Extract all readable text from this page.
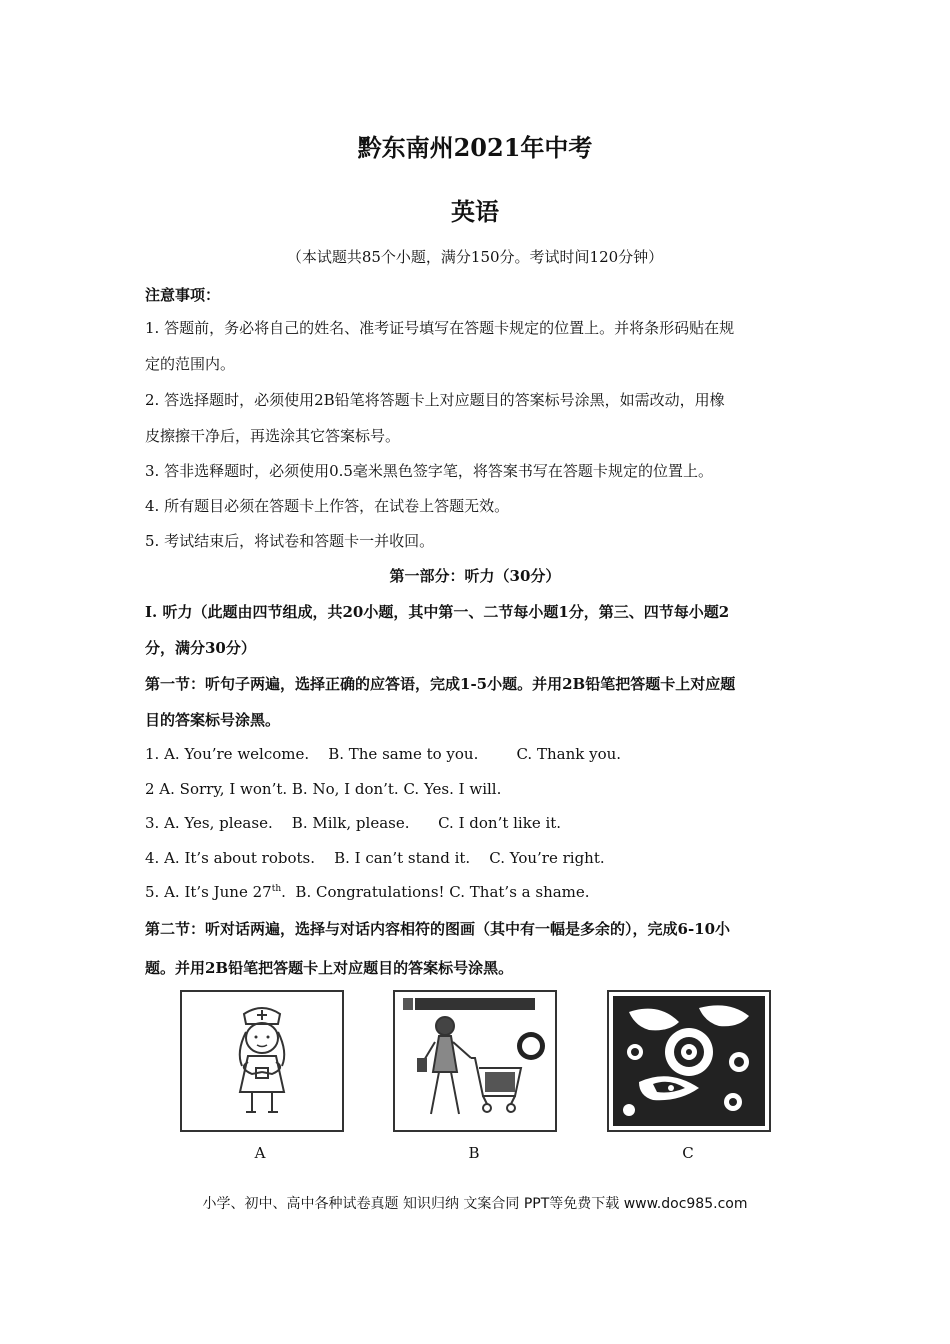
黔东南州2021年中考
英语
（本试题共85个小题，满分150分。考试时间120分钟）
注意事项：
1. 答题前，务必将自己的姓名、准考证号填写在答题卡规定的位置上。并将条形码贴在规
定的范围内。
2. 答选择题时，必须使用2B铅笔将答题卡上对应题目的答案标号涂黑，如需改动，用橡
皮擦擦干净后，再选涂其它答案标号。
3. 答非选释题时，必须使用0.5毫米黑色签字笔，将答案书写在答题卡规定的位置上。
4. 所有题目必须在答题卡上作答，在试卷上答题无效。
5. 考试结束后，将试卷和答题卡一并收回。
第一部分：听力（30分）
I. 听力（此题由四节组成，共20小题，其中第一、二节每小题1分，第三、四节每小题2
分，满分30分）
第一节：听句子两遍，选择正确的应答语，完成1-5小题。并用2B铅笔把答题卡上对应题
目的答案标号涂黑。
1. A. You’re welcome.    B. The same to you.        C. Thank you.
2 A. Sorry, I won’t. B. No, I don’t. C. Yes. I will.
3. A. Yes, please.    B. Milk, please.      C. I don’t like it.
4. A. It’s about robots.    B. I can’t stand it.    C. You’re right.
5. A. It’s June 27th.  B. Congratulations! C. That’s a shame.
第二节：听对话两遍，选择与对话内容相符的图画（其中有一幅是多余的），完成6-10小
题。并用2B铅笔把答题卡上对应题目的答案标号涂黑。
A	B	C
小学、初中、高中各种试卷真题 知识归纳 文案合同 PPT等免费下载 www.doc985.com
